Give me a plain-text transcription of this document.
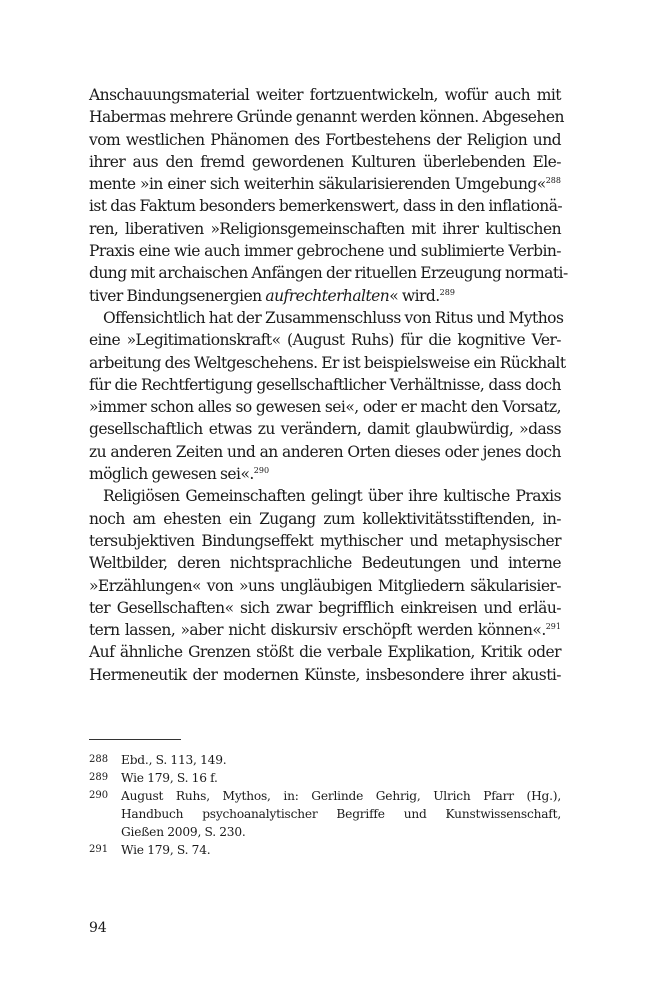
Anschauungsmaterial weiter fortzuentwickeln, wofür auch mit
Habermas mehrere Gründe genannt werden können. Abgesehen
vom westlichen Phänomen des Fortbestehens der Religion und
ihrer aus den fremd gewordenen Kulturen überlebenden Ele-
mente »in einer sich weiterhin säkularisierenden Umgebung«$^{288}$
ist das Faktum besonders bemerkenswert, dass in den inflationä-
ren, liberativen »Religionsgemeinschaften mit ihrer kultischen
Praxis eine wie auch immer gebrochene und sublimierte Verbin-
dung mit archaischen Anfängen der rituellen Erzeugung normati-
tiver Bindungsenergien aufrechterhalten« wird.$^{289}$
Offensichtlich hat der Zusammenschluss von Ritus und Mythos
eine »Legitimationskraft« (August Ruhs) für die kognitive Ver-
arbeitung des Weltgeschehens. Er ist beispielsweise ein Rückhalt
für die Rechtfertigung gesellschaftlicher Verhältnisse, dass doch
»immer schon alles so gewesen sei«, oder er macht den Vorsatz,
gesellschaftlich etwas zu verändern, damit glaubwürdig, »dass
zu anderen Zeiten und an anderen Orten dieses oder jenes doch
möglich gewesen sei«.$^{290}$
Religiösen Gemeinschaften gelingt über ihre kultische Praxis
noch am ehesten ein Zugang zum kollektivitätsstiftenden, in-
tersubjektiven Bindungseffekt mythischer und metaphysischer
Weltbilder, deren nichtsprachliche Bedeutungen und interne
»Erzählungen« von »uns ungläubigen Mitgliedern säkularisier-
ter Gesellschaften« sich zwar begrifflich einkreisen und erläu-
tern lassen, »aber nicht diskursiv erschöpft werden können«.$^{291}$
Auf ähnliche Grenzen stößt die verbale Explikation, Kritik oder
Hermeneutik der modernen Künste, insbesondere ihrer akusti-
288	Ebd., S. 113, 149.
289	Wie 179, S. 16 f.
290	August Ruhs, Mythos, in: Gerlinde Gehrig, Ulrich Pfarr (Hg.),
Handbuch psychoanalytischer Begriffe und Kunstwissenschaft,
Gießen 2009, S. 230.
291	Wie 179, S. 74.
94
